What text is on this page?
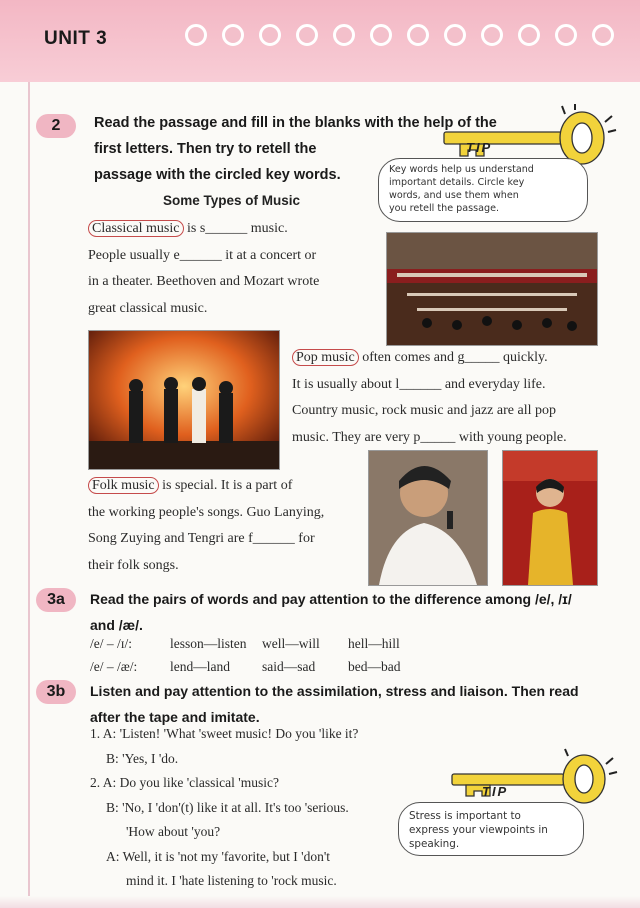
UNIT 3
2	Read the passage and fill in the blanks with the help of the
first letters. Then try to retell the
passage with the circled key words.
TIP
Key words help us understand
important details. Circle key
words, and use them when
you retell the passage.
Some Types of Music
Classical music is s______ music.
People usually e______ it at a concert or
in a theater. Beethoven and Mozart wrote
great classical music.
Pop music often comes and g_____ quickly.
It is usually about l______ and everyday life.
Country music, rock music and jazz are all pop
music. They are very p_____ with young people.
Folk music is special. It is a part of
the working people's songs. Guo Lanying,
Song Zuying and Tengri are f______ for
their folk songs.
3a	Read the pairs of words and pay attention to the difference among /e/, /ɪ/
and /æ/.
/e/ – /ɪ/:	lesson—listen well—will hell—hill
/e/ – /æ/: lend—land said—sad bed—bad
3b	Listen and pay attention to the assimilation, stress and liaison. Then read
after the tape and imitate.
1. A: 'Listen! 'What 'sweet music! Do you 'like it?
B: 'Yes, I 'do.
2. A: Do you like 'classical 'music?
B: 'No, I 'don'(t) like it at all. It's too 'serious.
'How about 'you?
A: Well, it is 'not my 'favorite, but I 'don't
mind it. I 'hate listening to 'rock music.
TIP
Stress is important to
express your viewpoints in
speaking.
